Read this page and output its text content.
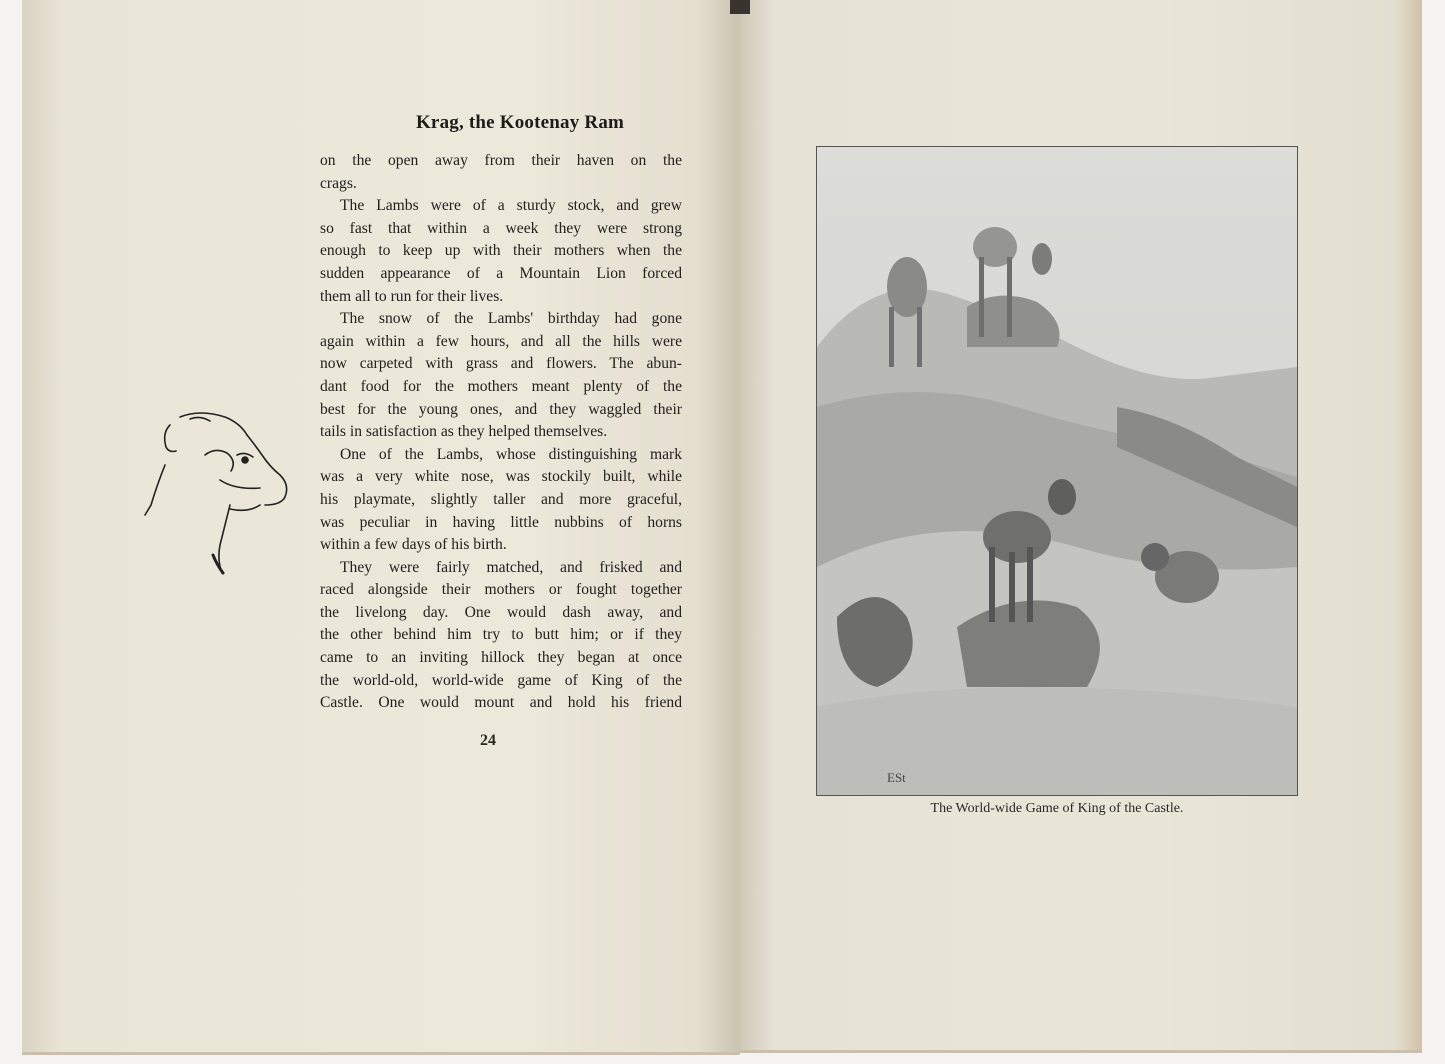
Krag, the Kootenay Ram
on the open away from their haven on the
crags.
The Lambs were of a sturdy stock, and grew
so fast that within a week they were strong
enough to keep up with their mothers when the
sudden appearance of a Mountain Lion forced
them all to run for their lives.
The snow of the Lambs' birthday had gone
again within a few hours, and all the hills were
now carpeted with grass and flowers. The abun-
dant food for the mothers meant plenty of the
best for the young ones, and they waggled their
tails in satisfaction as they helped themselves.
One of the Lambs, whose distinguishing mark
was a very white nose, was stockily built, while
his playmate, slightly taller and more graceful,
was peculiar in having little nubbins of horns
within a few days of his birth.
They were fairly matched, and frisked and
raced alongside their mothers or fought together
the livelong day. One would dash away, and
the other behind him try to butt him; or if they
came to an inviting hillock they began at once
the world-old, world-wide game of King of the
Castle. One would mount and hold his friend
24
ESt
The World-wide Game of King of the Castle.
